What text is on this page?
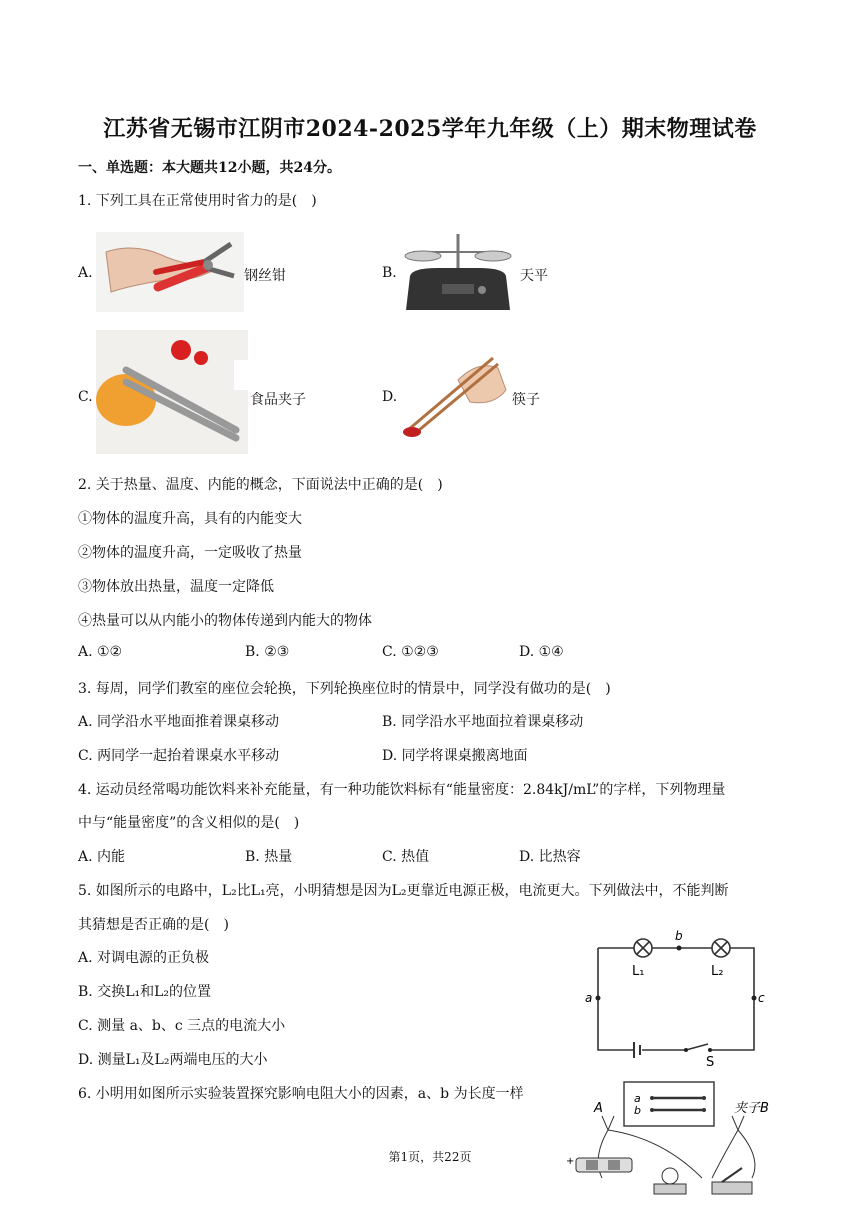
江苏省无锡市江阴市2024-2025学年九年级（上）期末物理试卷
一、单选题：本大题共12小题，共24分。
1. 下列工具在正常使用时省力的是(　)
A.	钢丝钳	B.	天平
C.	食品夹子	D.	筷子
2. 关于热量、温度、内能的概念，下面说法中正确的是(　)
①物体的温度升高，具有的内能变大
②物体的温度升高，一定吸收了热量
③物体放出热量，温度一定降低
④热量可以从内能小的物体传递到内能大的物体
A. ①②	B. ②③	C. ①②③	D. ①④
3. 每周，同学们教室的座位会轮换，下列轮换座位时的情景中，同学没有做功的是(　)
A. 同学沿水平地面推着课桌移动	B. 同学沿水平地面拉着课桌移动
C. 两同学一起抬着课桌水平移动	D. 同学将课桌搬离地面
4. 运动员经常喝功能饮料来补充能量，有一种功能饮料标有“能量密度：2.84kJ/mL”的字样，下列物理量
中与“能量密度”的含义相似的是(　)
A. 内能	B. 热量	C. 热值	D. 比热容
5. 如图所示的电路中，L₂比L₁亮，小明猜想是因为L₂更靠近电源正极，电流更大。下列做法中，不能判断
其猜想是否正确的是(　)
A. 对调电源的正负极
B. 交换L₁和L₂的位置
C. 测量 a、b、c 三点的电流大小
D. 测量L₁及L₂两端电压的大小
b
a	c
L₁	L₂
S
6. 小明用如图所示实验装置探究影响电阻大小的因素，a、b 为长度一样	a
b
A	夹子B
+
第1页，共22页
